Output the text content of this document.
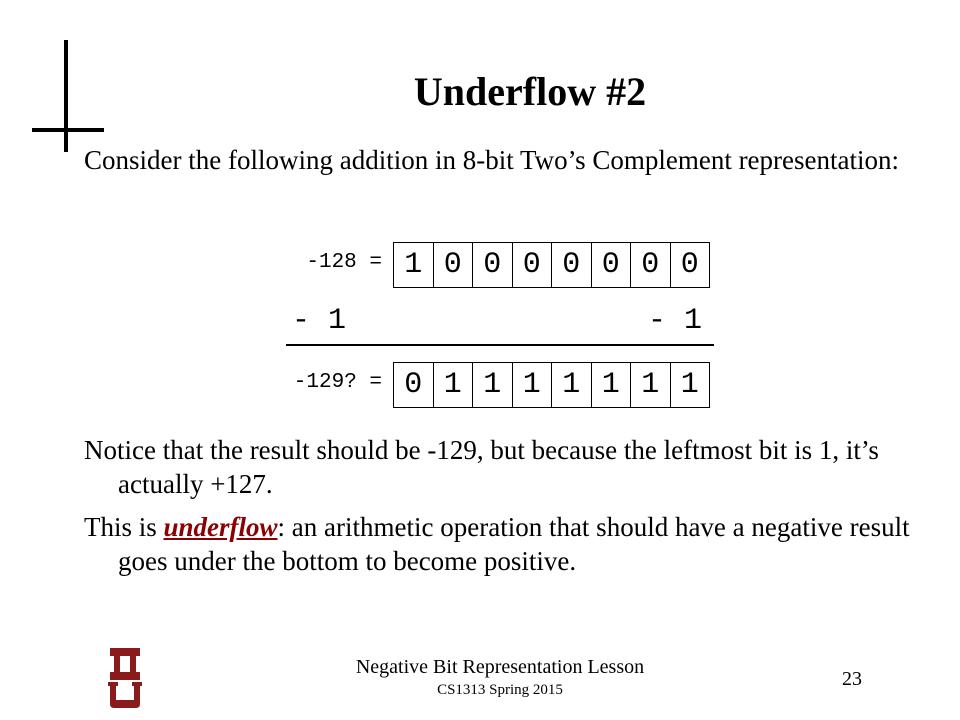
Underflow #2
Consider the following addition in 8-bit Two’s Complement representation:
-128 = 1 0 0 0 0 0 0 0
- 1	- 1
-129? = 0 1 1 1 1 1 1 1
Notice that the result should be -129, but because the leftmost bit is 1, it’s actually +127.
This is underflow: an arithmetic operation that should have a negative result goes under the bottom to become positive.
Negative Bit Representation Lesson
CS1313 Spring 2015	23
